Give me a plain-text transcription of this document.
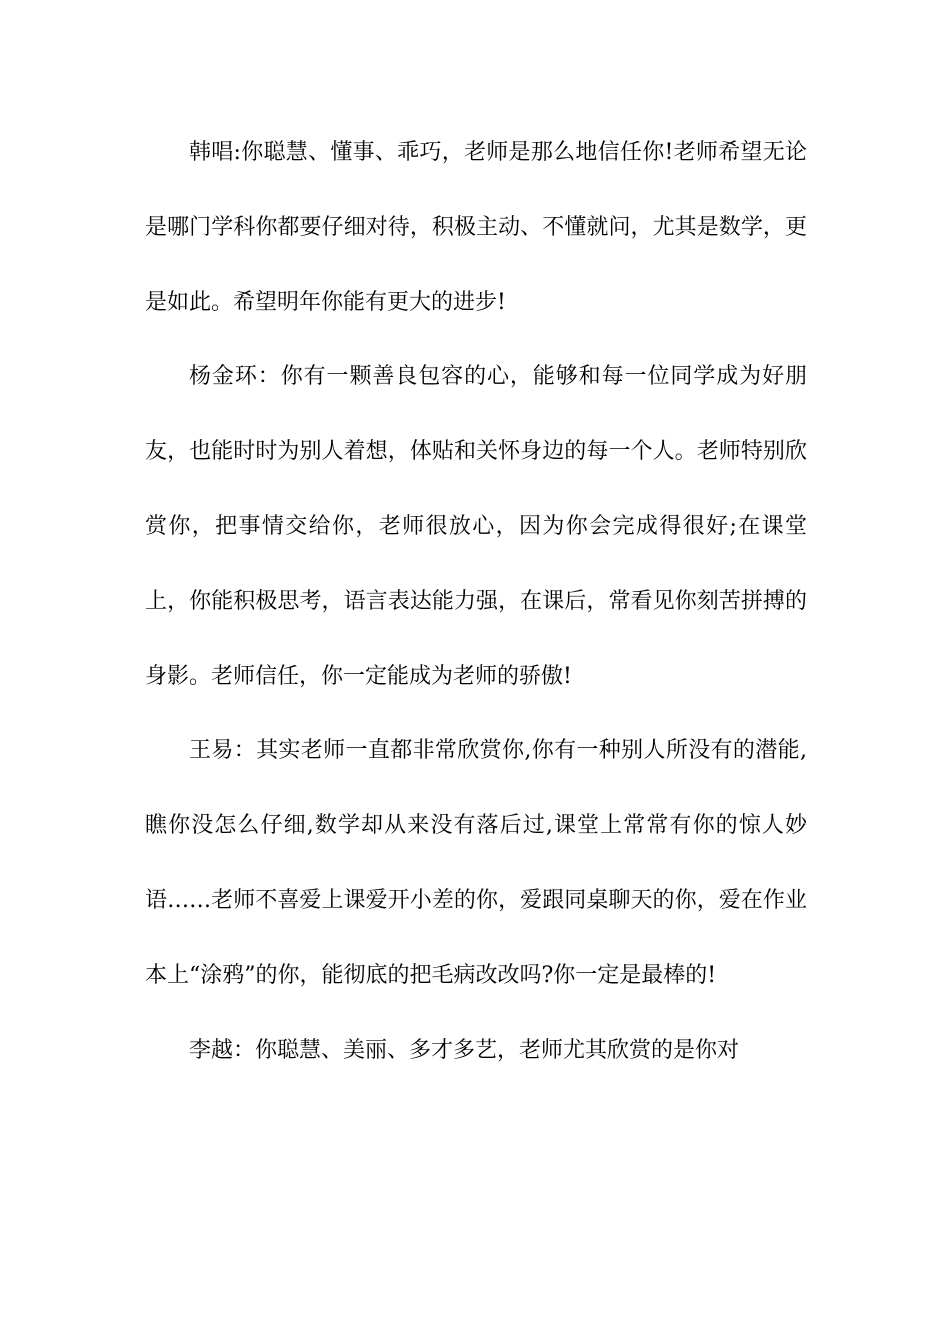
韩唱:你聪慧、懂事、乖巧，老师是那么地信任你!老师希望无论是哪门学科你都要仔细对待，积极主动、不懂就问，尤其是数学，更是如此。希望明年你能有更大的进步!

杨金环：你有一颗善良包容的心，能够和每一位同学成为好朋友，也能时时为别人着想，体贴和关怀身边的每一个人。老师特别欣赏你，把事情交给你，老师很放心，因为你会完成得很好;在课堂上，你能积极思考，语言表达能力强，在课后，常看见你刻苦拼搏的身影。老师信任，你一定能成为老师的骄傲!

王易：其实老师一直都非常欣赏你,你有一种别人所没有的潜能,瞧你没怎么仔细,数学却从来没有落后过,课堂上常常有你的惊人妙语……老师不喜爱上课爱开小差的你，爱跟同桌聊天的你，爱在作业本上“涂鸦”的你，能彻底的把毛病改改吗?你一定是最棒的!

李越：你聪慧、美丽、多才多艺，老师尤其欣赏的是你对
